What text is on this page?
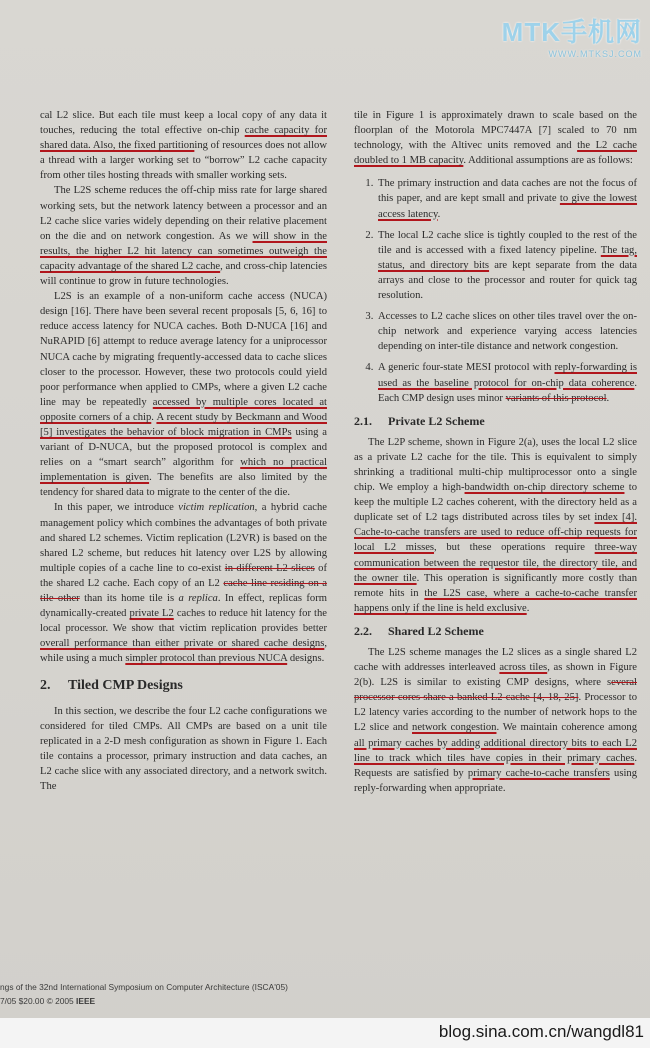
MTK手机网
WWW.MTKSJ.COM

cal L2 slice. But each tile must keep a local copy of any data it touches, reducing the total effective on-chip cache capacity for shared data. Also, the fixed partitioning of resources does not allow a thread with a larger working set to “borrow” L2 cache capacity from other tiles hosting threads with smaller working sets.

The L2S scheme reduces the off-chip miss rate for large shared working sets, but the network latency between a processor and an L2 cache slice varies widely depending on their relative placement on the die and on network congestion. As we will show in the results, the higher L2 hit latency can sometimes outweigh the capacity advantage of the shared L2 cache, and cross-chip latencies will continue to grow in future technologies.

L2S is an example of a non-uniform cache access (NUCA) design [16]. There have been several recent proposals [5, 6, 16] to reduce access latency for NUCA caches. Both D-NUCA [16] and NuRAPID [6] attempt to reduce average latency for a uniprocessor NUCA cache by migrating frequently-accessed data to cache slices closer to the processor. However, these two protocols could yield poor performance when applied to CMPs, where a given L2 cache line may be repeatedly accessed by multiple cores located at opposite corners of a chip. A recent study by Beckmann and Wood [5] investigates the behavior of block migration in CMPs using a variant of D-NUCA, but the proposed protocol is complex and relies on a “smart search” algorithm for which no practical implementation is given. The benefits are also limited by the tendency for shared data to migrate to the center of the die.

In this paper, we introduce victim replication, a hybrid cache management policy which combines the advantages of both private and shared L2 schemes. Victim replication (L2VR) is based on the shared L2 scheme, but reduces hit latency over L2S by allowing multiple copies of a cache line to co-exist in different L2 slices of the shared L2 cache. Each copy of an L2 cache line residing on a tile other than its home tile is a replica. In effect, replicas form dynamically-created private L2 caches to reduce hit latency for the local processor. We show that victim replication provides better overall performance than either private or shared cache designs, while using a much simpler protocol than previous NUCA designs.

2. Tiled CMP Designs

In this section, we describe the four L2 cache configurations we considered for tiled CMPs. All CMPs are based on a unit tile replicated in a 2-D mesh configuration as shown in Figure 1. Each tile contains a processor, primary instruction and data caches, an L2 cache slice with any associated directory, and a network switch. The

tile in Figure 1 is approximately drawn to scale based on the floorplan of the Motorola MPC7447A [7] scaled to 70 nm technology, with the Altivec units removed and the L2 cache doubled to 1 MB capacity. Additional assumptions are as follows:

1. The primary instruction and data caches are not the focus of this paper, and are kept small and private to give the lowest access latency.
2. The local L2 cache slice is tightly coupled to the rest of the tile and is accessed with a fixed latency pipeline. The tag, status, and directory bits are kept separate from the data arrays and close to the processor and router for quick tag resolution.
3. Accesses to L2 cache slices on other tiles travel over the on-chip network and experience varying access latencies depending on inter-tile distance and network congestion.
4. A generic four-state MESI protocol with reply-forwarding is used as the baseline protocol for on-chip data coherence. Each CMP design uses minor variants of this protocol.
2.1. Private L2 Scheme

The L2P scheme, shown in Figure 2(a), uses the local L2 slice as a private L2 cache for the tile. This is equivalent to simply shrinking a traditional multi-chip multiprocessor onto a single chip. We employ a high-bandwidth on-chip directory scheme to keep the multiple L2 caches coherent, with the directory held as a duplicate set of L2 tags distributed across tiles by set index [4]. Cache-to-cache transfers are used to reduce off-chip requests for local L2 misses, but these operations require three-way communication between the requestor tile, the directory tile, and the owner tile. This operation is significantly more costly than remote hits in the L2S case, where a cache-to-cache transfer happens only if the line is held exclusive.

2.2. Shared L2 Scheme

The L2S scheme manages the L2 slices as a single shared L2 cache with addresses interleaved across tiles, as shown in Figure 2(b). L2S is similar to existing CMP designs, where several processor cores share a banked L2 cache [4, 18, 25]. Processor to L2 latency varies according to the number of network hops to the L2 slice and network congestion. We maintain coherence among all primary caches by adding additional directory bits to each L2 line to track which tiles have copies in their primary caches. Requests are satisfied by primary cache-to-cache transfers using reply-forwarding when appropriate.

ngs of the 32nd International Symposium on Computer Architecture (ISCA'05)
7/05 $20.00 © 2005 IEEE
blog.sina.com.cn/wangdl81
